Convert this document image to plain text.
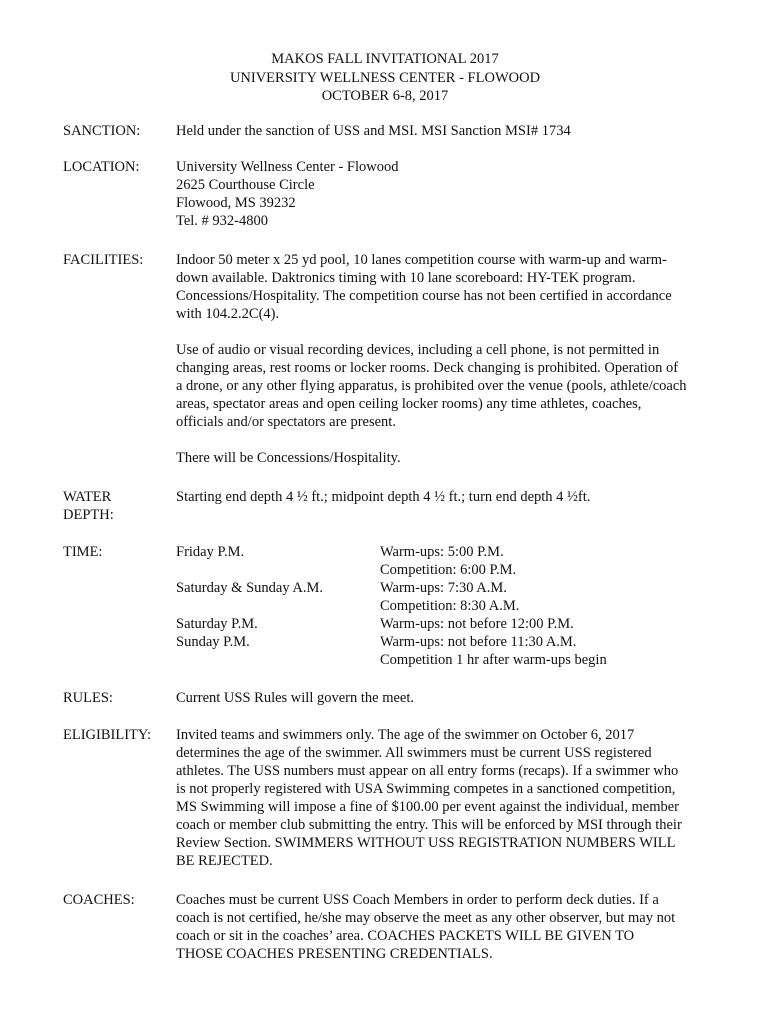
MAKOS FALL INVITATIONAL 2017
UNIVERSITY WELLNESS CENTER - FLOWOOD
OCTOBER 6-8, 2017
SANCTION:	Held under the sanction of USS and MSI. MSI Sanction MSI# 1734
LOCATION:	University Wellness Center - Flowood
2625 Courthouse Circle
Flowood, MS 39232
Tel. # 932-4800
FACILITIES:	Indoor 50 meter x 25 yd pool, 10 lanes competition course with warm-up and warm-
down available. Daktronics timing with 10 lane scoreboard: HY-TEK program.
Concessions/Hospitality. The competition course has not been certified in accordance
with 104.2.2C(4).
Use of audio or visual recording devices, including a cell phone, is not permitted in
changing areas, rest rooms or locker rooms. Deck changing is prohibited. Operation of
a drone, or any other flying apparatus, is prohibited over the venue (pools, athlete/coach
areas, spectator areas and open ceiling locker rooms) any time athletes, coaches,
officials and/or spectators are present.
There will be Concessions/Hospitality.
WATER
DEPTH:
Starting end depth 4 ½ ft.; midpoint depth 4 ½ ft.; turn end depth 4 ½ft.
TIME:	Friday P.M.	Warm-ups: 5:00 P.M.
Competition: 6:00 P.M.
Saturday & Sunday A.M.	Warm-ups: 7:30 A.M.
Competition: 8:30 A.M.
Saturday P.M.	Warm-ups: not before 12:00 P.M.
Sunday P.M.	Warm-ups: not before 11:30 A.M.
Competition 1 hr after warm-ups begin
RULES:	Current USS Rules will govern the meet.
ELIGIBILITY:	Invited teams and swimmers only. The age of the swimmer on October 6, 2017
determines the age of the swimmer. All swimmers must be current USS registered
athletes. The USS numbers must appear on all entry forms (recaps). If a swimmer who
is not properly registered with USA Swimming competes in a sanctioned competition,
MS Swimming will impose a fine of $100.00 per event against the individual, member
coach or member club submitting the entry. This will be enforced by MSI through their
Review Section. SWIMMERS WITHOUT USS REGISTRATION NUMBERS WILL
BE REJECTED.
COACHES:	Coaches must be current USS Coach Members in order to perform deck duties. If a
coach is not certified, he/she may observe the meet as any other observer, but may not
coach or sit in the coaches’ area. COACHES PACKETS WILL BE GIVEN TO
THOSE COACHES PRESENTING CREDENTIALS.
